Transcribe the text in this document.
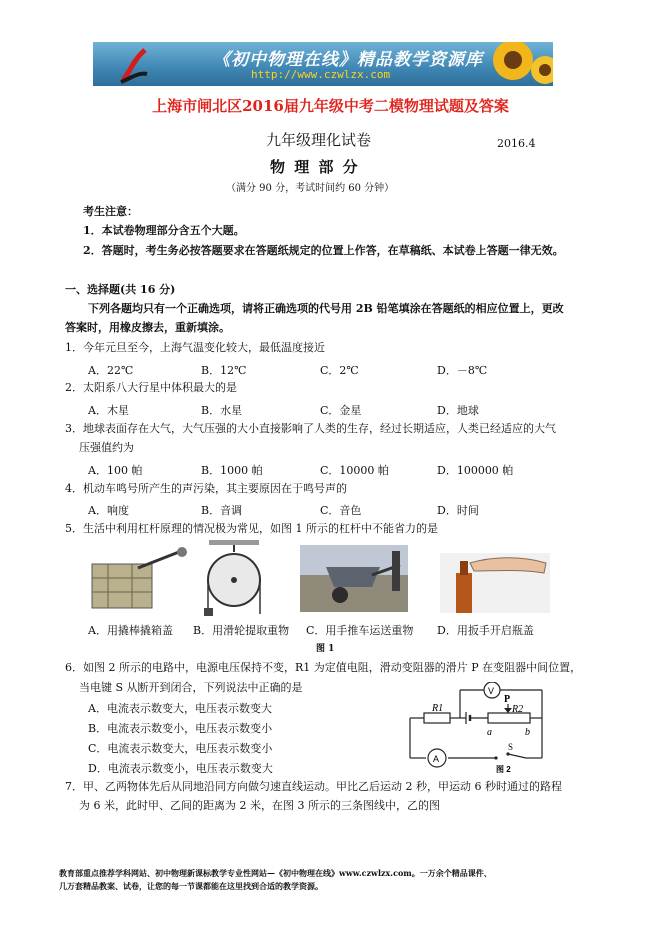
《初中物理在线》精品教学资源库
http://www.czwlzx.com
上海市闸北区2016届九年级中考二模物理试题及答案
九年级理化试卷	2016.4
物 理 部 分
（满分 90 分，考试时间约 60 分钟）
考生注意：
1．本试卷物理部分含五个大题。
2．答题时，考生务必按答题要求在答题纸规定的位置上作答，在草稿纸、本试卷上答题一律无效。
一、选择题(共 16 分)
下列各题均只有一个正确选项，请将正确选项的代号用 2B 铅笔填涂在答题纸的相应位置上，更改
答案时，用橡皮擦去，重新填涂。
1．今年元旦至今，上海气温变化较大，最低温度接近
A．22℃	B．12℃	C．2℃	D．－8℃
2．太阳系八大行星中体积最大的是
A．木星	B．水星	C．金星	D．地球
3．地球表面存在大气，大气压强的大小直接影响了人类的生存，经过长期适应，人类已经适应的大气
压强值约为
A．100 帕	B．1000 帕	C．10000 帕	D．100000 帕
4．机动车鸣号所产生的声污染，其主要原因在于鸣号声的
A．响度	B．音调	C．音色	D．时间
5．生活中利用杠杆原理的情况极为常见，如图 1 所示的杠杆中不能省力的是
A．用撬棒撬箱盖 B．用滑轮提取重物 C．用手推车运送重物 D．用扳手开启瓶盖
图 1
6．如图 2 所示的电路中，电源电压保持不变，R1 为定值电阻，滑动变阻器的滑片 P 在变阻器中间位置，
当电键 S 从断开到闭合，下列说法中正确的是
A．电流表示数变大，电压表示数变大
B．电流表示数变小，电压表示数变小
C．电流表示数变大，电压表示数变小
D．电流表示数变小，电压表示数变大
R1
P
R2
a	b
S
V
A
图 2
7．甲、乙两物体先后从同地沿同方向做匀速直线运动。甲比乙后运动 2 秒，甲运动 6 秒时通过的路程
为 6 米，此时甲、乙间的距离为 2 米，在图 3 所示的三条图线中，乙的图
教育部重点推荐学科网站、初中物理新课标教学专业性网站—《初中物理在线》www.czwlzx.com。一万余个精品课件、
几万套精品教案、试卷，让您的每一节课都能在这里找到合适的教学资源。
